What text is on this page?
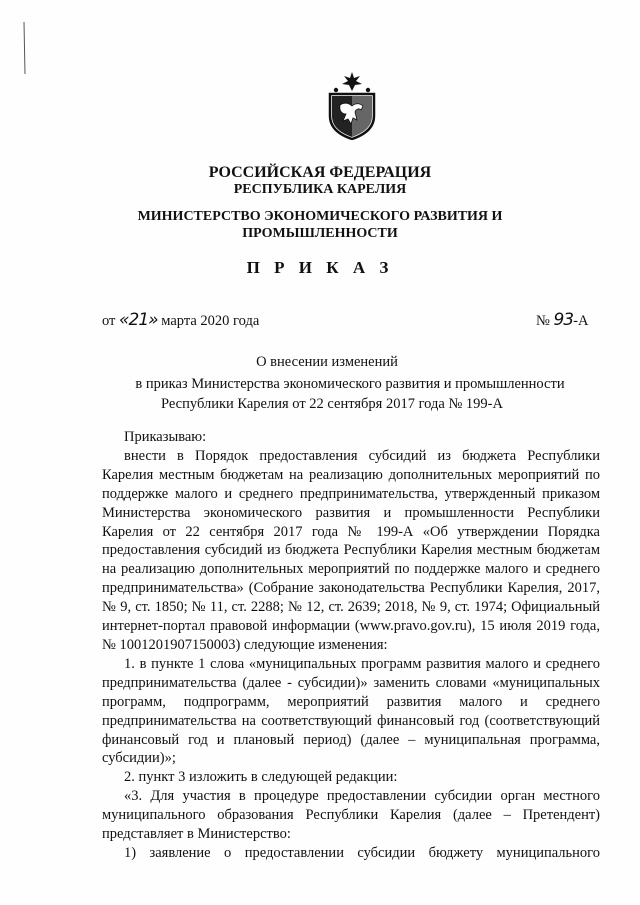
РОССИЙСКАЯ ФЕДЕРАЦИЯ
РЕСПУБЛИКА КАРЕЛИЯ
МИНИСТЕРСТВО ЭКОНОМИЧЕСКОГО РАЗВИТИЯ И
ПРОМЫШЛЕННОСТИ
П Р И К А З
от «21» марта 2020 года	№ 93-А
О внесении изменений
в приказ Министерства экономического развития и промышленности
Республики Карелия от 22 сентября 2017 года № 199-А

Приказываю:

внести в Порядок предоставления субсидий из бюджета Республики Карелия местным бюджетам на реализацию дополнительных мероприятий по поддержке малого и среднего предпринимательства, утвержденный приказом Министерства экономического развития и промышленности Республики Карелия от 22 сентября 2017 года № 199-А «Об утверждении Порядка предоставления субсидий из бюджета Республики Карелия местным бюджетам на реализацию дополнительных мероприятий по поддержке малого и среднего предпринимательства» (Собрание законодательства Республики Карелия, 2017, № 9, ст. 1850; № 11, ст. 2288; № 12, ст. 2639; 2018, № 9, ст. 1974; Официальный интернет-портал правовой информации (www.pravo.gov.ru), 15 июля 2019 года, № 1001201907150003) следующие изменения:

1. в пункте 1 слова «муниципальных программ развития малого и среднего предпринимательства (далее - субсидии)» заменить словами «муниципальных программ, подпрограмм, мероприятий развития малого и среднего предпринимательства на соответствующий финансовый год (соответствующий финансовый год и плановый период) (далее – муниципальная программа, субсидии)»;

2. пункт 3 изложить в следующей редакции:

«3. Для участия в процедуре предоставлении субсидии орган местного муниципального образования Республики Карелия (далее – Претендент) представляет в Министерство:

1) заявление о предоставлении субсидии бюджету муниципального
